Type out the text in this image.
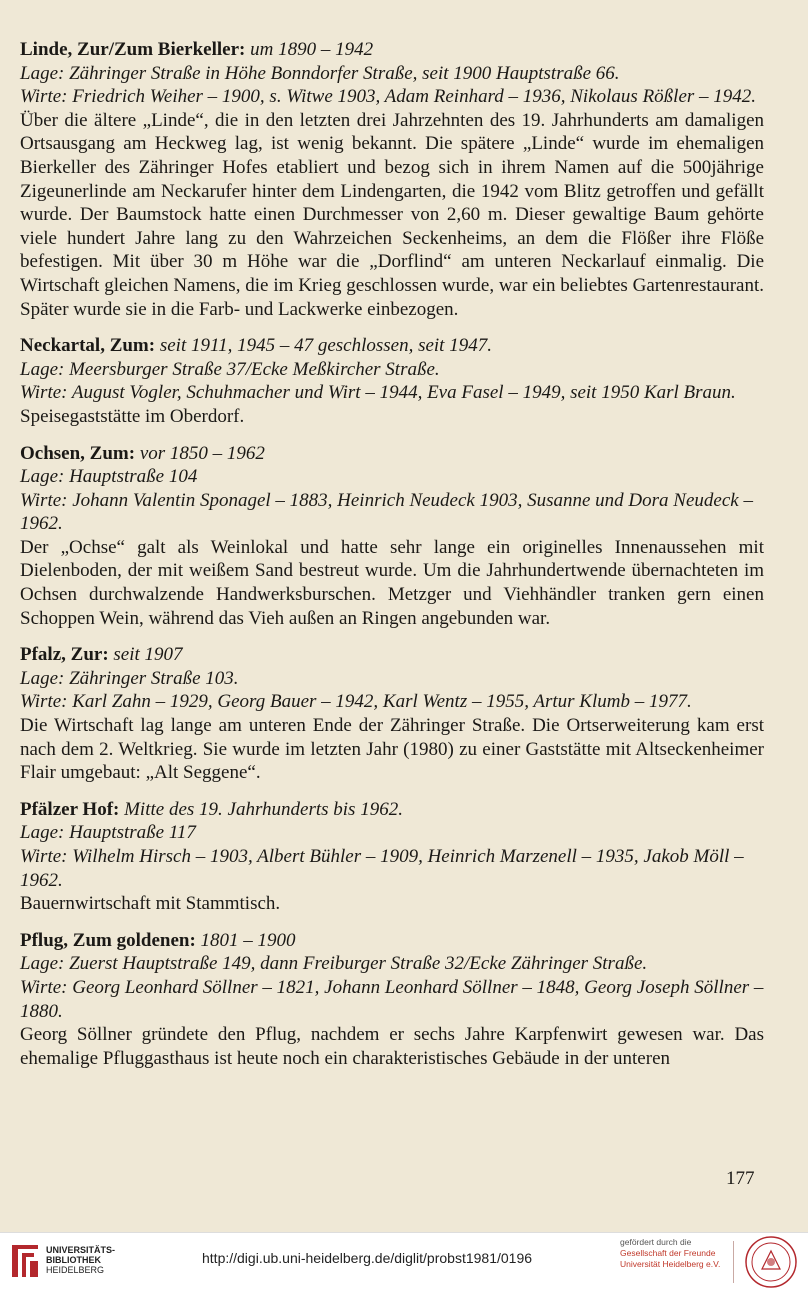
Linde, Zur/Zum Bierkeller: um 1890 – 1942

Lage: Zähringer Straße in Höhe Bonndorfer Straße, seit 1900 Hauptstraße 66.

Wirte: Friedrich Weiher – 1900, s. Witwe 1903, Adam Reinhard – 1936, Nikolaus Rößler – 1942.

Über die ältere „Linde“, die in den letzten drei Jahrzehnten des 19. Jahrhunderts am damaligen Ortsausgang am Heckweg lag, ist wenig bekannt. Die spätere „Linde“ wurde im ehemaligen Bierkeller des Zähringer Hofes etabliert und bezog sich in ihrem Namen auf die 500jährige Zigeunerlinde am Neckarufer hinter dem Lindengarten, die 1942 vom Blitz getroffen und gefällt wurde. Der Baumstock hatte einen Durchmesser von 2,60 m. Dieser gewaltige Baum gehörte viele hundert Jahre lang zu den Wahrzeichen Seckenheims, an dem die Flößer ihre Flöße befestigen. Mit über 30 m Höhe war die „Dorflind“ am unteren Neckarlauf einmalig. Die Wirtschaft gleichen Namens, die im Krieg geschlossen wurde, war ein beliebtes Gartenrestaurant. Später wurde sie in die Farb- und Lackwerke einbezogen.

Neckartal, Zum: seit 1911, 1945 – 47 geschlossen, seit 1947.

Lage: Meersburger Straße 37/Ecke Meßkircher Straße.

Wirte: August Vogler, Schuhmacher und Wirt – 1944, Eva Fasel – 1949, seit 1950 Karl Braun.

Speisegaststätte im Oberdorf.

Ochsen, Zum: vor 1850 – 1962

Lage: Hauptstraße 104

Wirte: Johann Valentin Sponagel – 1883, Heinrich Neudeck 1903, Susanne und Dora Neudeck – 1962.

Der „Ochse“ galt als Weinlokal und hatte sehr lange ein originelles Innenaussehen mit Dielenboden, der mit weißem Sand bestreut wurde. Um die Jahrhundertwende übernachteten im Ochsen durchwalzende Handwerksburschen. Metzger und Viehhändler tranken gern einen Schoppen Wein, während das Vieh außen an Ringen angebunden war.

Pfalz, Zur: seit 1907

Lage: Zähringer Straße 103.

Wirte: Karl Zahn – 1929, Georg Bauer – 1942, Karl Wentz – 1955, Artur Klumb – 1977.

Die Wirtschaft lag lange am unteren Ende der Zähringer Straße. Die Ortserweiterung kam erst nach dem 2. Weltkrieg. Sie wurde im letzten Jahr (1980) zu einer Gaststätte mit Altseckenheimer Flair umgebaut: „Alt Seggene“.

Pfälzer Hof: Mitte des 19. Jahrhunderts bis 1962.

Lage: Hauptstraße 117

Wirte: Wilhelm Hirsch – 1903, Albert Bühler – 1909, Heinrich Marzenell – 1935, Jakob Möll – 1962.

Bauernwirtschaft mit Stammtisch.

Pflug, Zum goldenen: 1801 – 1900

Lage: Zuerst Hauptstraße 149, dann Freiburger Straße 32/Ecke Zähringer Straße.

Wirte: Georg Leonhard Söllner – 1821, Johann Leonhard Söllner – 1848, Georg Joseph Söllner – 1880.

Georg Söllner gründete den Pflug, nachdem er sechs Jahre Karpfenwirt gewesen war. Das ehemalige Pfluggasthaus ist heute noch ein charakteristisches Gebäude in der unteren

177
UNIVERSITÄTS-
BIBLIOTHEK
HEIDELBERG
http://digi.ub.uni-heidelberg.de/diglit/probst1981/0196
gefördert durch die
Gesellschaft der Freunde
Universität Heidelberg e.V.
